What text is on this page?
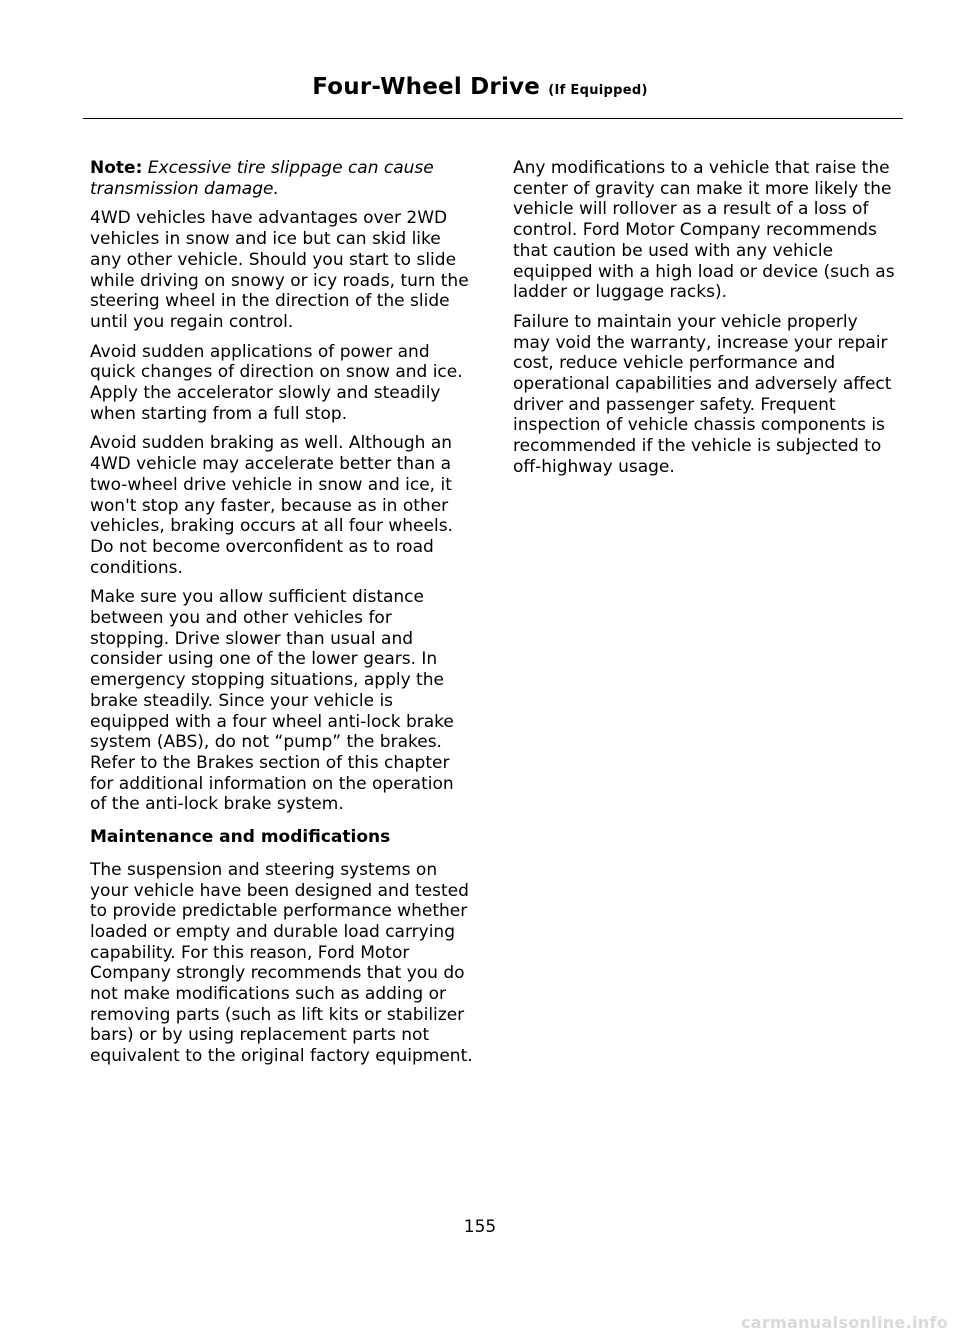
Four-Wheel Drive (If Equipped)

Note: Excessive tire slippage can cause transmission damage.

4WD vehicles have advantages over 2WD vehicles in snow and ice but can skid like any other vehicle. Should you start to slide while driving on snowy or icy roads, turn the steering wheel in the direction of the slide until you regain control.

Avoid sudden applications of power and quick changes of direction on snow and ice. Apply the accelerator slowly and steadily when starting from a full stop.

Avoid sudden braking as well. Although an 4WD vehicle may accelerate better than a two-wheel drive vehicle in snow and ice, it won't stop any faster, because as in other vehicles, braking occurs at all four wheels. Do not become overconfident as to road conditions.

Make sure you allow sufficient distance between you and other vehicles for stopping. Drive slower than usual and consider using one of the lower gears. In emergency stopping situations, apply the brake steadily. Since your vehicle is equipped with a four wheel anti-lock brake system (ABS), do not “pump” the brakes. Refer to the Brakes section of this chapter for additional information on the operation of the anti-lock brake system.

Maintenance and modifications

The suspension and steering systems on your vehicle have been designed and tested to provide predictable performance whether loaded or empty and durable load carrying capability. For this reason, Ford Motor Company strongly recommends that you do not make modifications such as adding or removing parts (such as lift kits or stabilizer bars) or by using replacement parts not equivalent to the original factory equipment.

Any modifications to a vehicle that raise the center of gravity can make it more likely the vehicle will rollover as a result of a loss of control. Ford Motor Company recommends that caution be used with any vehicle equipped with a high load or device (such as ladder or luggage racks).

Failure to maintain your vehicle properly may void the warranty, increase your repair cost, reduce vehicle performance and operational capabilities and adversely affect driver and passenger safety. Frequent inspection of vehicle chassis components is recommended if the vehicle is subjected to off-highway usage.

155
carmanualsonline.info
